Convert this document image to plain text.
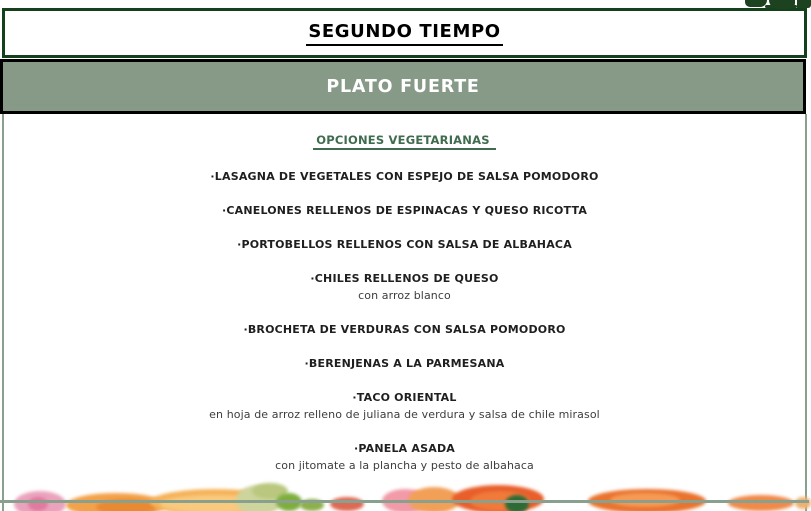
SEGUNDO TIEMPO
PLATO FUERTE
OPCIONES VEGETARIANAS
·LASAGNA DE VEGETALES CON ESPEJO DE SALSA POMODORO
·CANELONES RELLENOS DE ESPINACAS Y QUESO RICOTTA
·PORTOBELLOS RELLENOS CON SALSA DE ALBAHACA
·CHILES RELLENOS DE QUESO
con arroz blanco
·BROCHETA DE VERDURAS CON SALSA POMODORO
·BERENJENAS A LA PARMESANA
·TACO ORIENTAL
en hoja de arroz relleno de juliana de verdura y salsa de chile mirasol
·PANELA ASADA
con jitomate a la plancha y pesto de albahaca
